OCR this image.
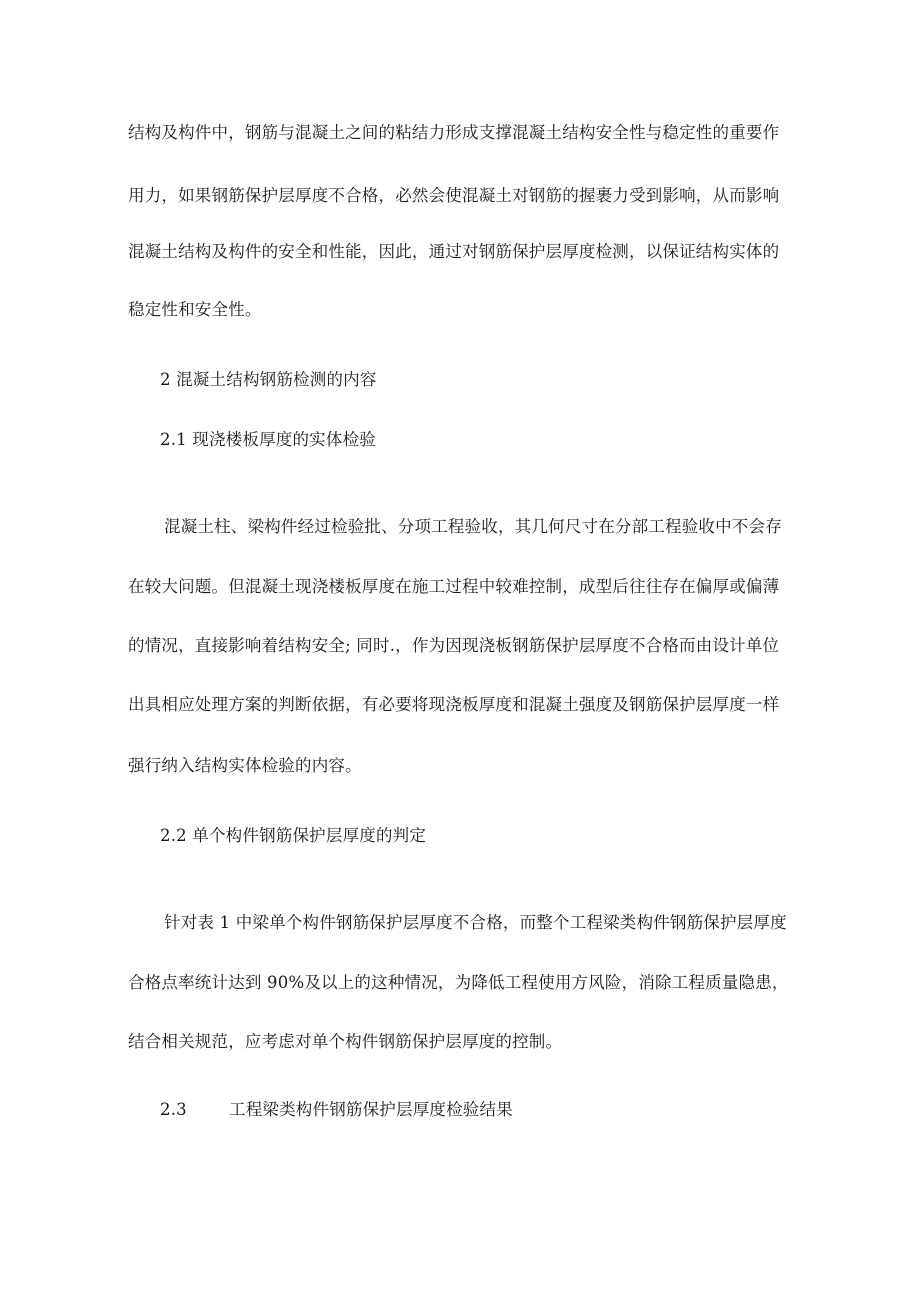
结构及构件中，钢筋与混凝土之间的粘结力形成支撑混凝土结构安全性与稳定性的重要作

用力，如果钢筋保护层厚度不合格，必然会使混凝土对钢筋的握裹力受到影响，从而影响

混凝土结构及构件的安全和性能，因此，通过对钢筋保护层厚度检测，以保证结构实体的

稳定性和安全性。

2 混凝土结构钢筋检测的内容

2.1 现浇楼板厚度的实体检验

混凝土柱、梁构件经过检验批、分项工程验收，其几何尺寸在分部工程验收中不会存

在较大问题。但混凝土现浇楼板厚度在施工过程中较难控制，成型后往往存在偏厚或偏薄

的情况，直接影响着结构安全; 同时.，作为因现浇板钢筋保护层厚度不合格而由设计单位

出具相应处理方案的判断依据，有必要将现浇板厚度和混凝土强度及钢筋保护层厚度一样

强行纳入结构实体检验的内容。

2.2 单个构件钢筋保护层厚度的判定

针对表 1 中梁单个构件钢筋保护层厚度不合格，而整个工程梁类构件钢筋保护层厚度

合格点率统计达到 90%及以上的这种情况，为降低工程使用方风险，消除工程质量隐患，

结合相关规范，应考虑对单个构件钢筋保护层厚度的控制。

2.3	工程梁类构件钢筋保护层厚度检验结果
